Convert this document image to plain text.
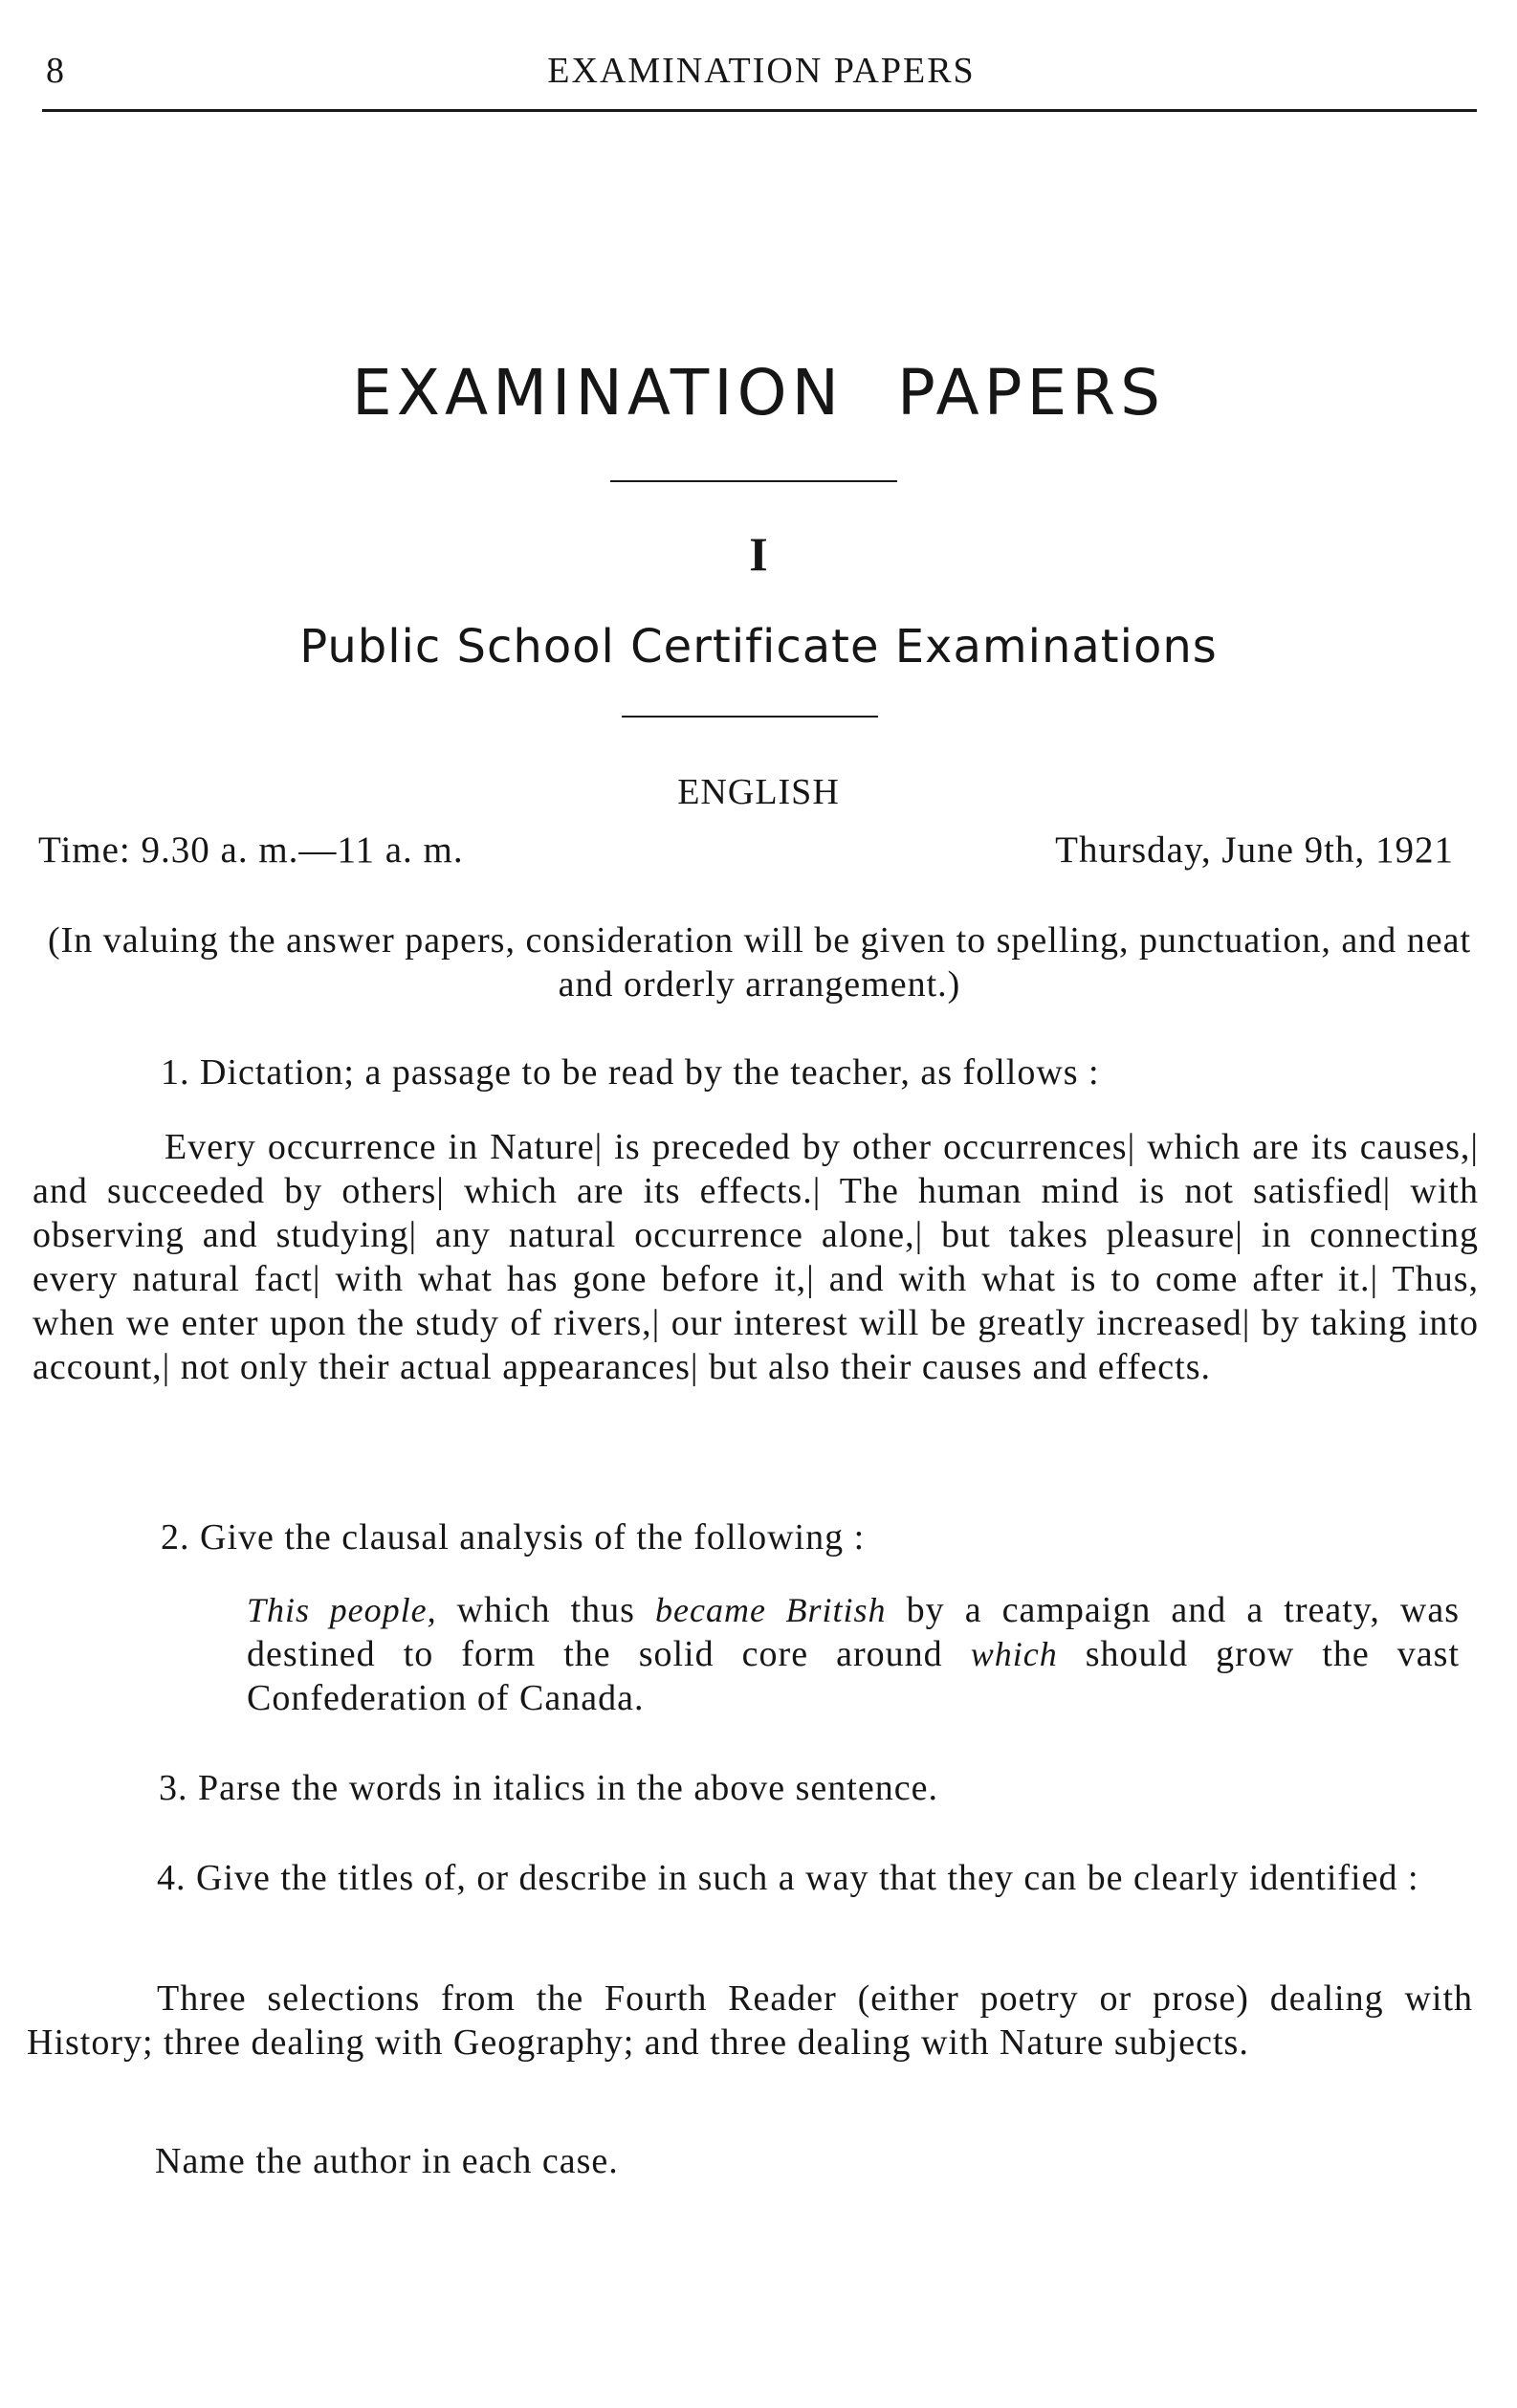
8	EXAMINATION PAPERS
EXAMINATION PAPERS
I
Public School Certificate Examinations
ENGLISH
Time: 9.30 a. m.—11 a. m.	Thursday, June 9th, 1921

(In valuing the answer papers, consideration will be given to spelling, punctuation, and neat and orderly arrangement.)

1. Dictation; a passage to be read by the teacher, as follows :

Every occurrence in Nature| is preceded by other occurrences| which are its causes,| and succeeded by others| which are its effects.| The human mind is not satisfied| with observing and studying| any natural occurrence alone,| but takes pleasure| in connecting every natural fact| with what has gone before it,| and with what is to come after it.| Thus, when we enter upon the study of rivers,| our interest will be greatly increased| by taking into account,| not only their actual appearances| but also their causes and effects.

2. Give the clausal analysis of the following :

This people, which thus became British by a campaign and a treaty, was destined to form the solid core around which should grow the vast Confederation of Canada.

3. Parse the words in italics in the above sentence.

4. Give the titles of, or describe in such a way that they can be clearly identified :

Three selections from the Fourth Reader (either poetry or prose) dealing with History; three dealing with Geography; and three dealing with Nature subjects.

Name the author in each case.
